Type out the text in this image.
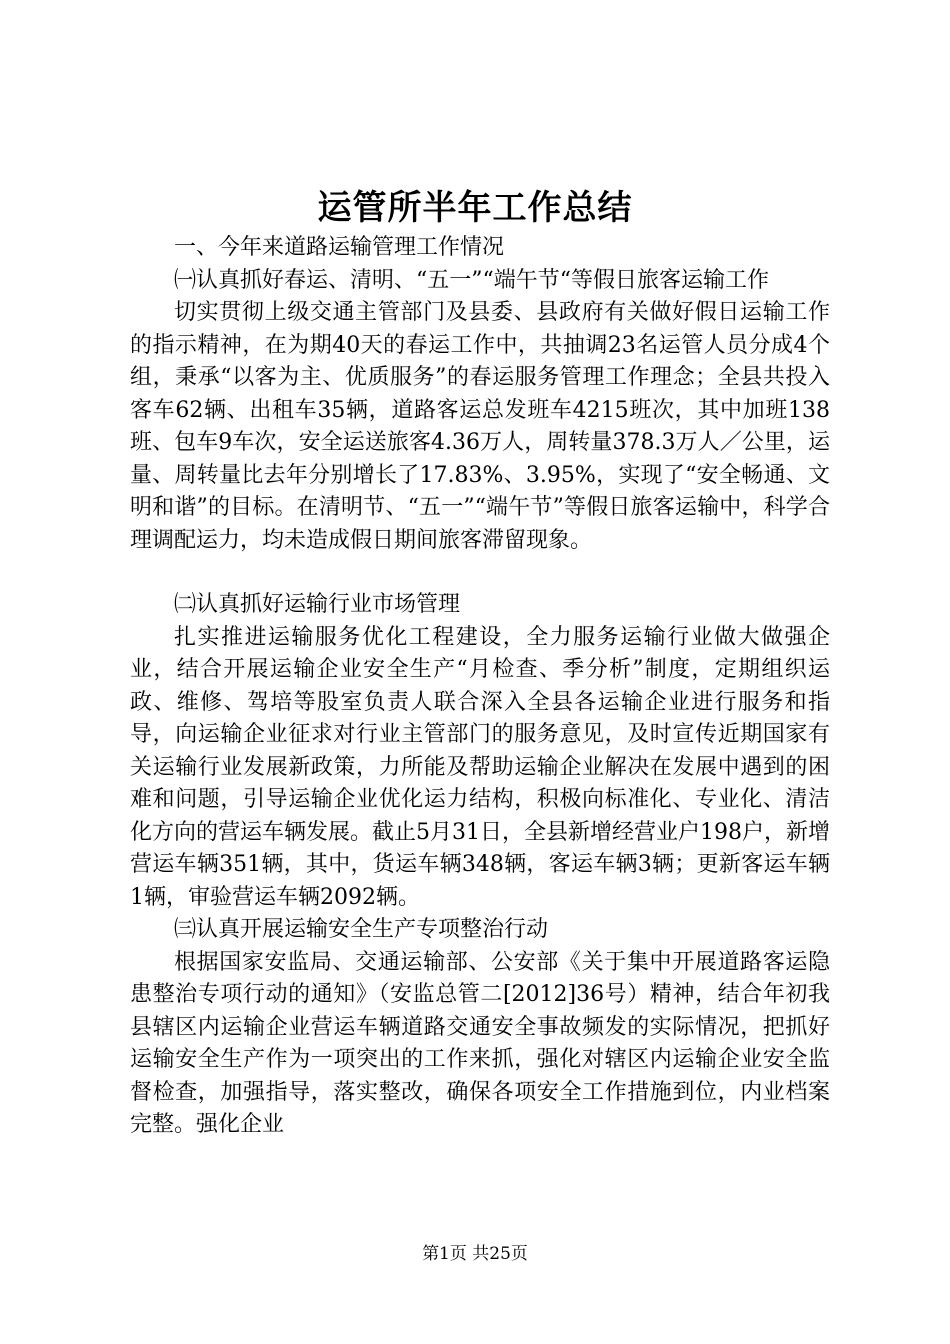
运管所半年工作总结

一、今年来道路运输管理工作情况

㈠认真抓好春运、清明、“五一”“端午节“等假日旅客运输工作

切实贯彻上级交通主管部门及县委、县政府有关做好假日运输工作的指示精神，在为期40天的春运工作中，共抽调23名运管人员分成4个组，秉承“以客为主、优质服务”的春运服务管理工作理念；全县共投入客车62辆、出租车35辆，道路客运总发班车4215班次，其中加班138班、包车9车次，安全运送旅客4.36万人，周转量378.3万人／公里，运量、周转量比去年分别增长了17.83%、3.95%，实现了“安全畅通、文明和谐”的目标。在清明节、“五一”“端午节”等假日旅客运输中，科学合理调配运力，均未造成假日期间旅客滞留现象。

㈡认真抓好运输行业市场管理

扎实推进运输服务优化工程建设，全力服务运输行业做大做强企业，结合开展运输企业安全生产“月检查、季分析”制度，定期组织运政、维修、驾培等股室负责人联合深入全县各运输企业进行服务和指导，向运输企业征求对行业主管部门的服务意见，及时宣传近期国家有关运输行业发展新政策，力所能及帮助运输企业解决在发展中遇到的困难和问题，引导运输企业优化运力结构，积极向标准化、专业化、清洁化方向的营运车辆发展。截止5月31日，全县新增经营业户198户，新增营运车辆351辆，其中，货运车辆348辆，客运车辆3辆；更新客运车辆1辆，审验营运车辆2092辆。

㈢认真开展运输安全生产专项整治行动

根据国家安监局、交通运输部、公安部《关于集中开展道路客运隐患整治专项行动的通知》（安监总管二[2012]36号）精神，结合年初我县辖区内运输企业营运车辆道路交通安全事故频发的实际情况，把抓好运输安全生产作为一项突出的工作来抓，强化对辖区内运输企业安全监督检查，加强指导，落实整改，确保各项安全工作措施到位，内业档案完整。强化企业

第1页 共25页
